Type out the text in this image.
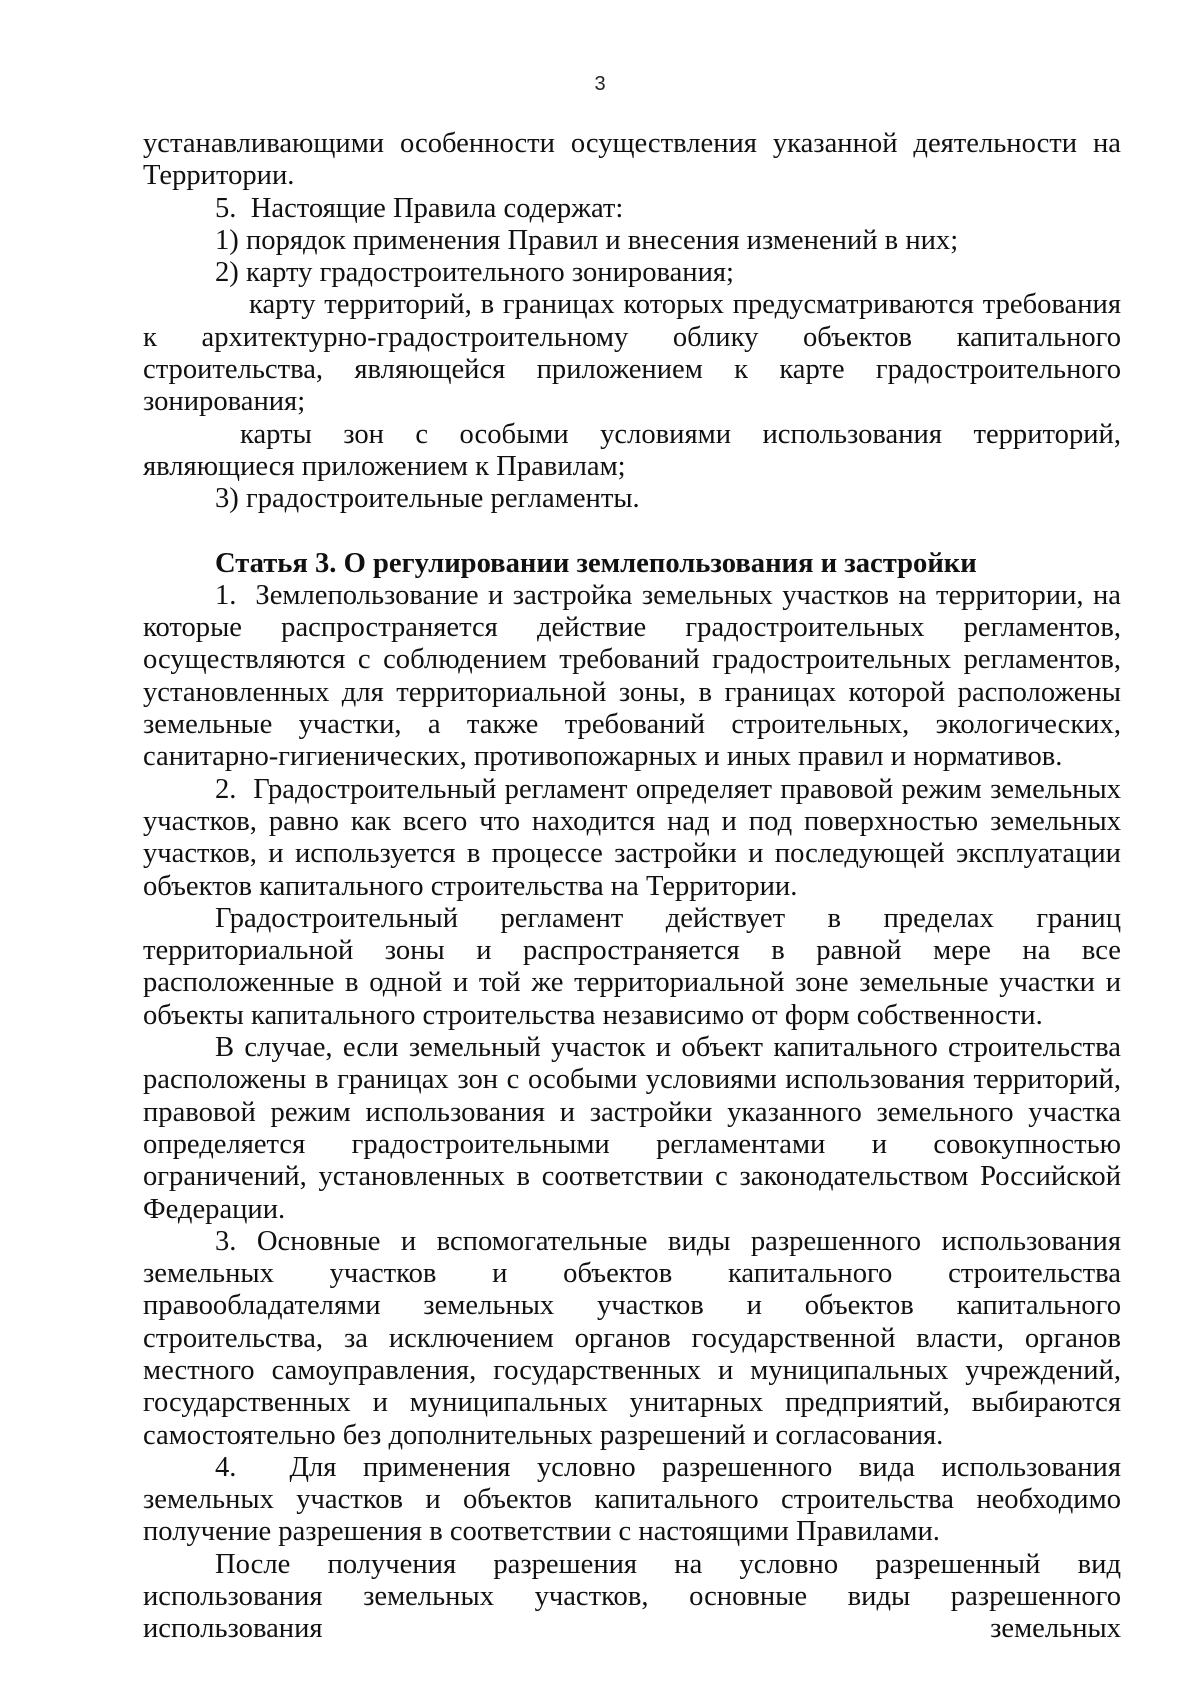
3

устанавливающими особенности осуществления указанной деятельности на Территории.

5.  Настоящие Правила содержат:

1) порядок применения Правил и внесения изменений в них;

2) карту градостроительного зонирования;

карту территорий, в границах которых предусматриваются требования к архитектурно-градостроительному облику объектов капитального строительства, являющейся приложением к карте градостроительного зонирования;

карты зон с особыми условиями использования территорий, являющиеся приложением к Правилам;

3) градостроительные регламенты.

Статья 3. О регулировании землепользования и застройки

1.  Землепользование и застройка земельных участков на территории, на которые распространяется действие градостроительных регламентов, осуществляются с соблюдением требований градостроительных регламентов, установленных для территориальной зоны, в границах которой расположены земельные участки, а также требований строительных, экологических, санитарно-гигиенических, противопожарных и иных правил и нормативов.

2.  Градостроительный регламент определяет правовой режим земельных участков, равно как всего что находится над и под поверхностью земельных участков, и используется в процессе застройки и последующей эксплуатации объектов капитального строительства на Территории.

Градостроительный регламент действует в пределах границ территориальной зоны и распространяется в равной мере на все расположенные в одной и той же территориальной зоне земельные участки и объекты капитального строительства независимо от форм собственности.

В случае, если земельный участок и объект капитального строительства расположены в границах зон с особыми условиями использования территорий, правовой режим использования и застройки указанного земельного участка определяется градостроительными регламентами и совокупностью ограничений, установленных в соответствии с законодательством Российской Федерации.

3. Основные и вспомогательные виды разрешенного использования земельных участков и объектов капитального строительства правообладателями земельных участков и объектов капитального строительства, за исключением органов государственной власти, органов местного самоуправления, государственных и муниципальных учреждений, государственных и муниципальных унитарных предприятий, выбираются самостоятельно без дополнительных разрешений и согласования.

4.  Для применения условно разрешенного вида использования земельных участков и объектов капитального строительства необходимо получение разрешения в соответствии с настоящими Правилами.

После получения разрешения на условно разрешенный вид использования земельных участков, основные виды разрешенного использования земельных
